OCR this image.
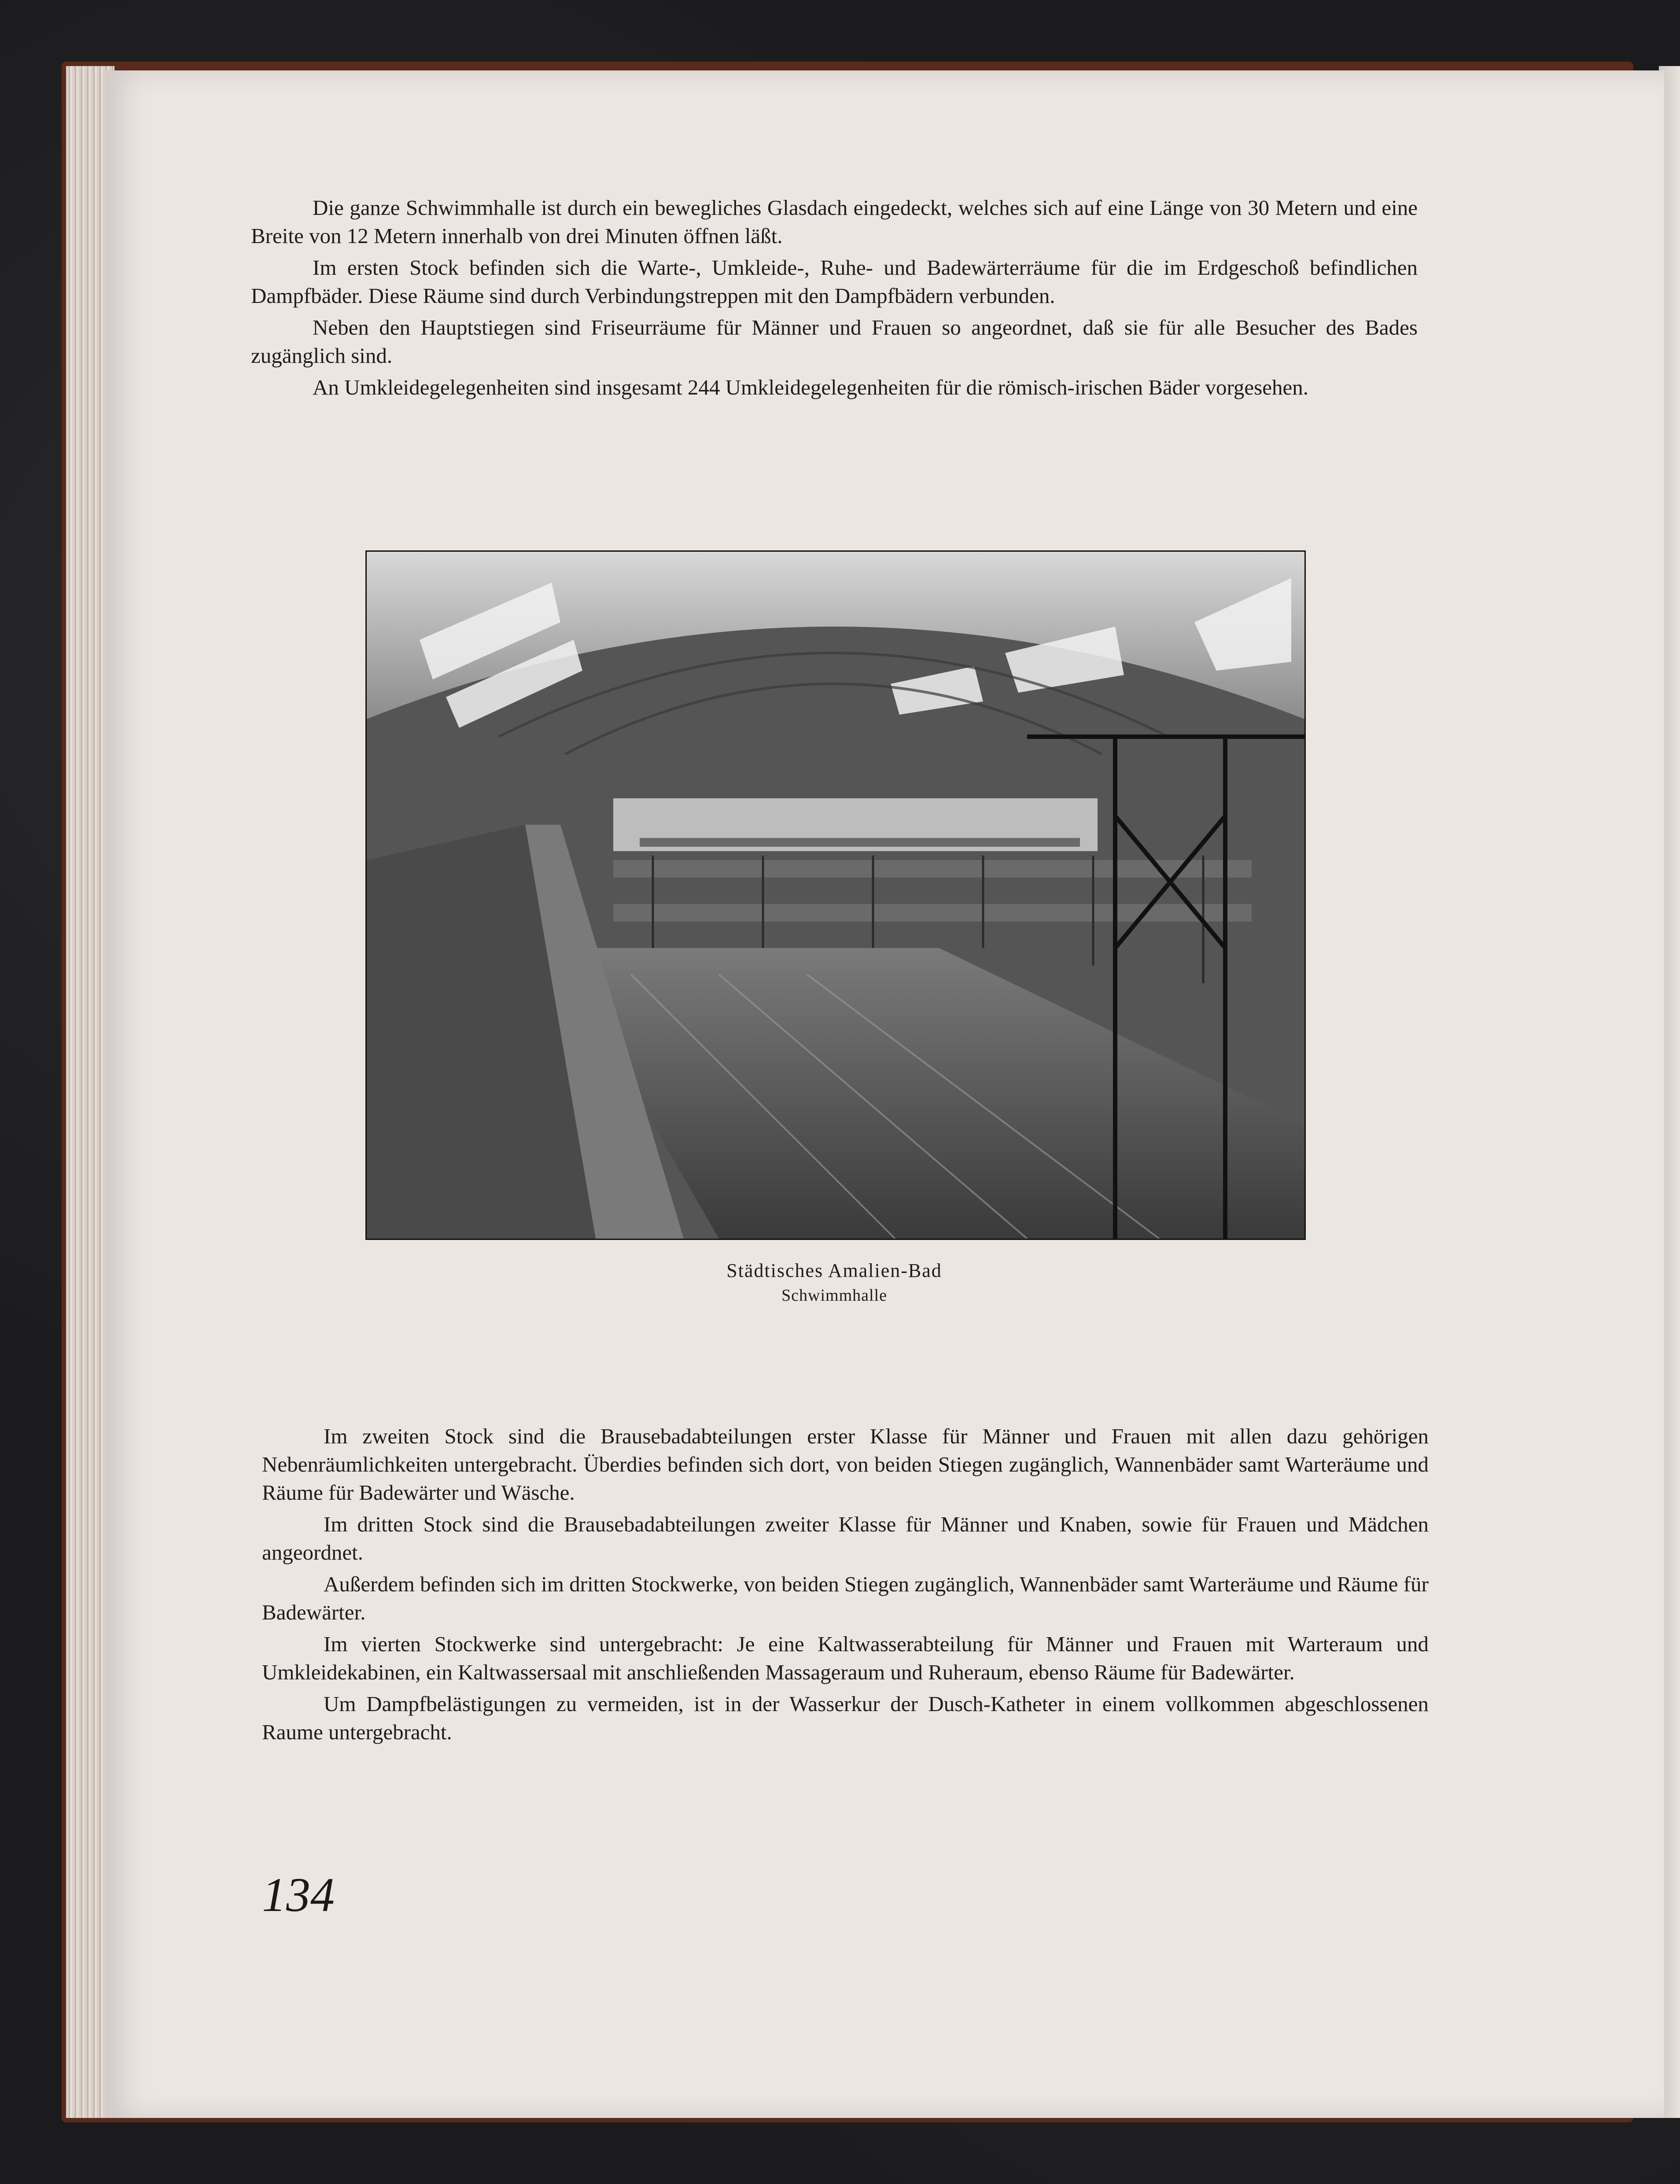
Die ganze Schwimmhalle ist durch ein bewegliches Glasdach eingedeckt, welches sich auf eine Länge von 30 Metern und eine Breite von 12 Metern innerhalb von drei Minuten öffnen läßt.

Im ersten Stock befinden sich die Warte-, Umkleide-, Ruhe- und Badewärterräume für die im Erdgeschoß befindlichen Dampfbäder. Diese Räume sind durch Verbindungstreppen mit den Dampfbädern verbunden.

Neben den Hauptstiegen sind Friseurräume für Männer und Frauen so angeordnet, daß sie für alle Besucher des Bades zugänglich sind.

An Umkleidegelegenheiten sind insgesamt 244 Umkleidegelegenheiten für die römisch-irischen Bäder vorgesehen.

Städtisches Amalien-Bad
Schwimmhalle

Im zweiten Stock sind die Brausebadabteilungen erster Klasse für Männer und Frauen mit allen dazu gehörigen Nebenräumlichkeiten untergebracht. Überdies befinden sich dort, von beiden Stiegen zugänglich, Wannenbäder samt Warteräume und Räume für Badewärter und Wäsche.

Im dritten Stock sind die Brausebadabteilungen zweiter Klasse für Männer und Knaben, sowie für Frauen und Mädchen angeordnet.

Außerdem befinden sich im dritten Stockwerke, von beiden Stiegen zugänglich, Wannenbäder samt Warteräume und Räume für Badewärter.

Im vierten Stockwerke sind untergebracht: Je eine Kaltwasserabteilung für Männer und Frauen mit Warteraum und Umkleidekabinen, ein Kaltwassersaal mit anschließenden Massageraum und Ruheraum, ebenso Räume für Badewärter.

Um Dampfbelästigungen zu vermeiden, ist in der Wasserkur der Dusch-Katheter in einem vollkommen abgeschlossenen Raume untergebracht.

134
